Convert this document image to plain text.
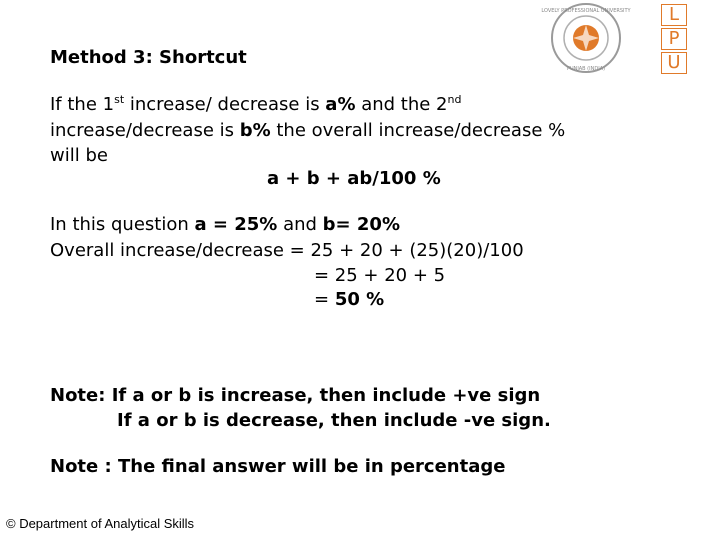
LOVELY PROFESSIONAL UNIVERSITY
PUNJAB (INDIA)
L
P
U
Method 3: Shortcut
If the 1st increase/ decrease is a% and the 2nd
increase/decrease is b% the overall increase/decrease %
will be
a + b + ab/100 %
In this question a = 25% and b= 20%
Overall increase/decrease = 25 + 20 + (25)(20)/100
= 25 + 20 + 5
= 50 %
Note: If a or b is increase, then include +ve sign
If a or b is decrease, then include -ve sign.
Note : The final answer will be in percentage
© Department of Analytical Skills
